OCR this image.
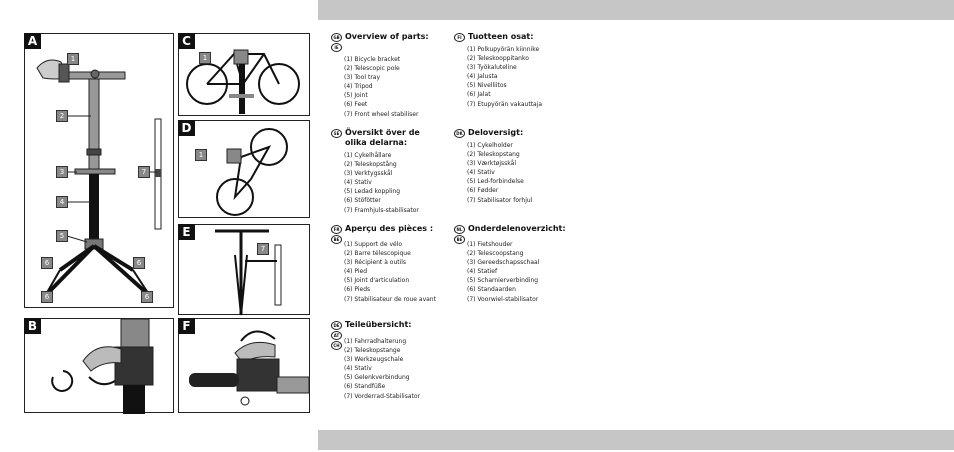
A
1
2
3
4
5
6	6
6	6
7
B
C
1
D
1
E
7
F
GB
IE
Overview of parts:
(1) Bicycle bracket
(2) Telescopic pole
(3) Tool tray
(4) Tripod
(5) Joint
(6) Feet
(7) Front wheel stabiliser
FI Tuotteen osat:
(1) Polkupyörän kiinnike
(2) Teleskooppitanko
(3) Työkaluteline
(4) Jalusta
(5) Nivelliitos
(6) Jalat
(7) Etupyörän vakauttaja
SE Översikt över de olika delarna:
(1) Cykelhållare
(2) Teleskopstång
(3) Verktygsskål
(4) Stativ
(5) Ledad koppling
(6) Stöfötter
(7) Framhjuls-stabilisator
DK Deloversigt:
(1) Cykelholder
(2) Teleskopstang
(3) Værktøjsskål
(4) Stativ
(5) Led-forbindelse
(6) Fødder
(7) Stabilisator forhjul
FR
BE
Aperçu des pièces :
(1) Support de vélo
(2) Barre télescopique
(3) Récipient à outils
(4) Pied
(5) Joint d'articulation
(6) Pieds
(7) Stabilisateur de roue avant
NL
BE
Onderdelenoverzicht:
(1) Fietshouder
(2) Telescoopstang
(3) Gereedschapsschaal
(4) Statief
(5) Scharnierverbinding
(6) Standaarden
(7) Voorwiel-stabilisator
DE
AT
CH
Teileübersicht:
(1) Fahrradhalterung
(2) Teleskopstange
(3) Werkzeugschale
(4) Stativ
(5) Gelenkverbindung
(6) Standfüße
(7) Vorderrad-Stabilisator
